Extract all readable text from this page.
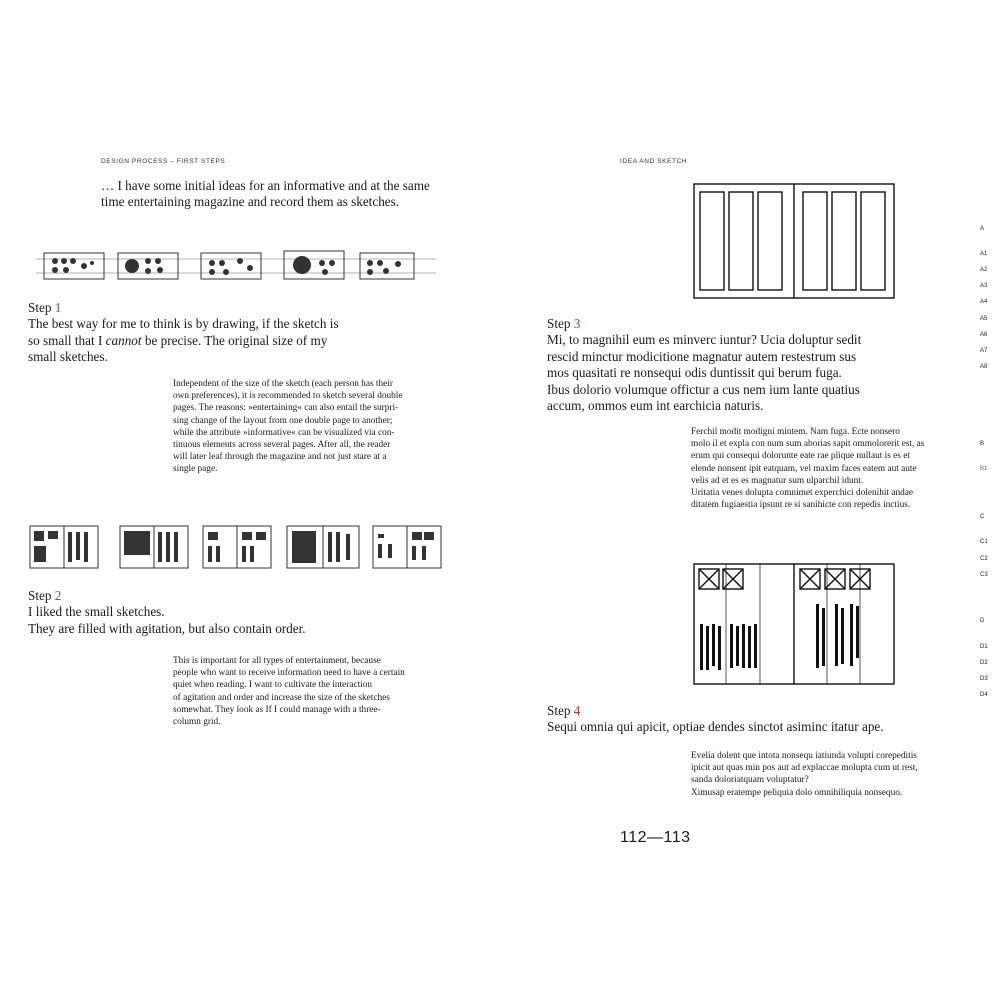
DESIGN PROCESS – FIRST STEPS
… I have some initial ideas for an informative and at the same
time entertaining magazine and record them as sketches.
Step 1
The best way for me to think is by drawing, if the sketch is
so small that I cannot be precise. The original size of my
small sketches.
Independent of the size of the sketch (each person has their
own preferences), it is recommended to sketch several double
pages. The reasons: »entertaining« can also entail the surpri-
sing change of the layout from one double page to another;
while the attribute »informative« can be visualized via con-
tinuous elements across several pages. After all, the reader
will later leaf through the magazine and not just stare at a
single page.
Step 2
I liked the small sketches.
They are filled with agitation, but also contain order.
This is important for all types of entertainment, because
people who want to receive information need to have a certain
quiet when reading. I want to cultivate the interaction
of agitation and order and increase the size of the sketches
somewhat. They look as If I could manage with a three-
column grid.
IDEA AND SKETCH
Step 3
Mi, to magnihil eum es minverc iuntur? Ucia doluptur sedit
rescid minctur modicitione magnatur autem restestrum sus
mos quasitati re nonsequi odis duntissit qui berum fuga.
Ibus dolorio volumque offictur a cus nem ium lante quatius
accum, ommos eum int earchicia naturis.
Ferchil modit modigni mintem. Nam fuga. Ecte nonsero
molo il et expla con num sum aborias sapit ommolorerit est, as
erum qui consequi dolorunte eate rae plique nullaut is es et
elende nonsent ipit eatquam, vel maxim faces eatem aut aute
velis ad et es es magnatur sum ulparchil idunt.
Uritatia venes dolupta comnimet experchici dolenihit andae
ditatem fugiaestia ipsunt re si sanihicte con repedis inctius.
Step 4
Sequi omnia qui apicit, optiae dendes sinctot asiminc itatur ape.
Evelia dolent que intota nonsequ iatiunda volupti corepeditis
ipicit aut quas min pos aut ad explaccae molupta cum ut rest,
sanda doloriatquam voluptatur?
Ximusap eratempe peliquia dolo omnihiliquia nonsequo.
A
A1
A2
A3
A4
A5
A6
A7
A8
B
B1
C
C1
C2
C3
D
D1
D2
D3
D4
112—113
